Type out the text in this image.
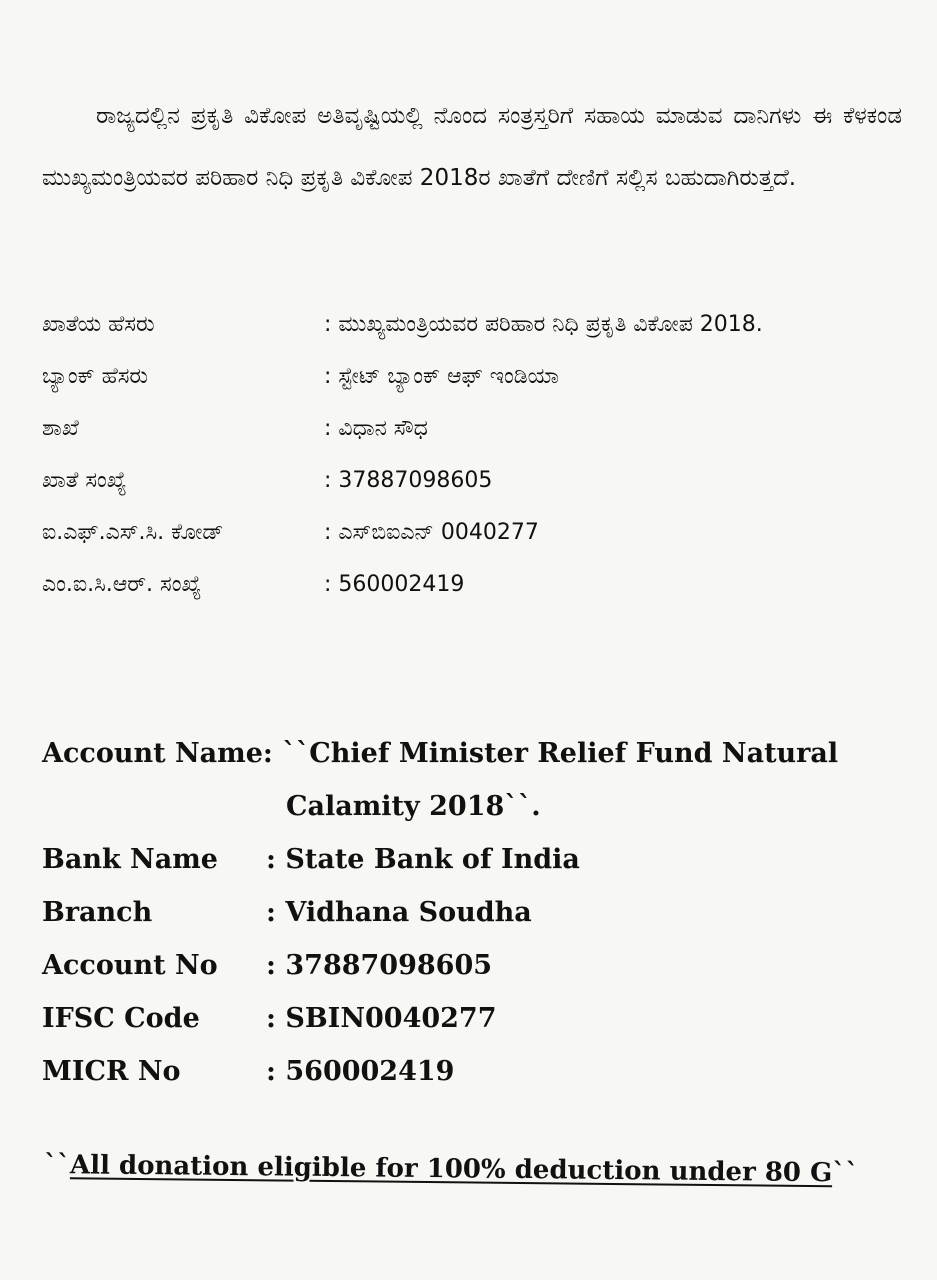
ರಾಜ್ಯದಲ್ಲಿನ ಪ್ರಕೃತಿ ವಿಕೋಪ ಅತಿವೃಷ್ಟಿಯಲ್ಲಿ ನೊಂದ ಸಂತ್ರಸ್ತರಿಗೆ ಸಹಾಯ ಮಾಡುವ ದಾನಿಗಳು ಈ ಕೆಳಕಂಡ ಮುಖ್ಯಮಂತ್ರಿಯವರ ಪರಿಹಾರ ನಿಧಿ ಪ್ರಕೃತಿ ವಿಕೋಪ 2018ರ ಖಾತೆಗೆ ದೇಣಿಗೆ ಸಲ್ಲಿಸ ಬಹುದಾಗಿರುತ್ತದೆ.

ಖಾತೆಯ ಹೆಸರು	: ಮುಖ್ಯಮಂತ್ರಿಯವರ ಪರಿಹಾರ ನಿಧಿ ಪ್ರಕೃತಿ ವಿಕೋಪ 2018.
ಬ್ಯಾಂಕ್ ಹೆಸರು	: ಸ್ಟೇಟ್ ಬ್ಯಾಂಕ್ ಆಫ್ ಇಂಡಿಯಾ
ಶಾಖೆ	: ವಿಧಾನ ಸೌಧ
ಖಾತೆ ಸಂಖ್ಯೆ	: 37887098605
ಐ.ಎಫ್.ಎಸ್.ಸಿ. ಕೋಡ್	: ಎಸ್‌ಬಿಐಎನ್ 0040277
ಎಂ.ಐ.ಸಿ.ಆರ್. ಸಂಖ್ಯೆ	: 560002419
Account Name: ``Chief Minister Relief Fund Natural
Calamity 2018``.
Bank Name	: State Bank of India
Branch	: Vidhana Soudha
Account No	: 37887098605
IFSC Code	: SBIN0040277
MICR No	: 560002419
``All donation eligible for 100% deduction under 80 G``
